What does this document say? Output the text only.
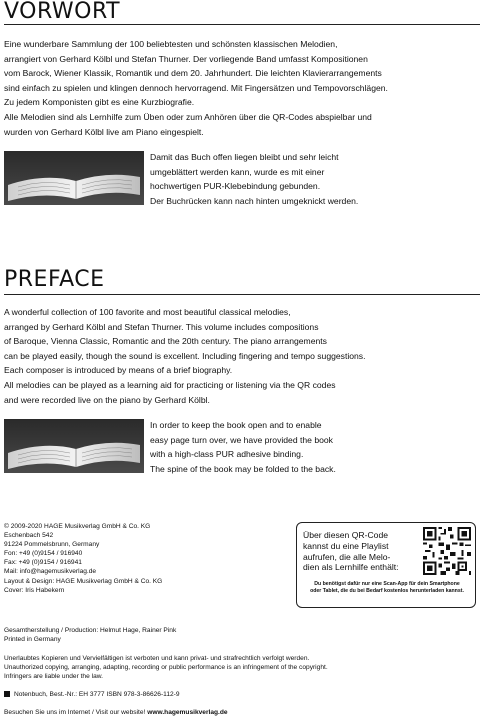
VORWORT
Eine wunderbare Sammlung der 100 beliebtesten und schönsten klassischen Melodien,
arrangiert von Gerhard Kölbl und Stefan Thurner. Der vorliegende Band umfasst Kompositionen
vom Barock, Wiener Klassik, Romantik und dem 20. Jahrhundert. Die leichten Klavierarrangements
sind einfach zu spielen und klingen dennoch hervorragend. Mit Fingersätzen und Tempovorschlägen.
Zu jedem Komponisten gibt es eine Kurzbiografie.
Alle Melodien sind als Lernhilfe zum Üben oder zum Anhören über die QR-Codes abspielbar und
wurden von Gerhard Kölbl live am Piano eingespielt.
Damit das Buch offen liegen bleibt und sehr leicht
umgeblättert werden kann, wurde es mit einer
hochwertigen PUR-Klebebindung gebunden.
Der Buchrücken kann nach hinten umgeknickt werden.
PREFACE
A wonderful collection of 100 favorite and most beautiful classical melodies,
arranged by Gerhard Kölbl and Stefan Thurner. This volume includes compositions
of Baroque, Vienna Classic, Romantic and the 20th century. The piano arrangements
can be played easily, though the sound is excellent. Including fingering and tempo suggestions.
Each composer is introduced by means of a brief biography.
All melodies can be played as a learning aid for practicing or listening via the QR codes
and were recorded live on the piano by Gerhard Kölbl.
In order to keep the book open and to enable
easy page turn over, we have provided the book
with a high-class PUR adhesive binding.
The spine of the book may be folded to the back.
© 2009-2020 HAGE Musikverlag GmbH & Co. KG
Eschenbach 542
91224 Pommelsbrunn, Germany
Fon: +49 (0)9154 / 916940
Fax: +49 (0)9154 / 916941
Mail: info@hagemusikverlag.de
Layout & Design: HAGE Musikverlag GmbH & Co. KG
Cover: Iris Habekern
Gesamtherstellung / Production: Helmut Hage, Rainer Pink
Printed in Germany
Unerlaubtes Kopieren und Vervielfältigen ist verboten und kann privat- und strafrechtlich verfolgt werden.
Unauthorized copying, arranging, adapting, recording or public performance is an infringement of the copyright.
Infringers are liable under the law.
Notenbuch, Best.-Nr.: EH 3777 ISBN 978-3-86626-112-9
Besuchen Sie uns im Internet / Visit our website! www.hagemusikverlag.de
Über diesen QR-Code
kannst du eine Playlist
aufrufen, die alle Melo-
dien als Lernhilfe enthält:
Du benötigst dafür nur eine Scan-App für dein Smartphone
oder Tablet, die du bei Bedarf kostenlos herunterladen kannst.
